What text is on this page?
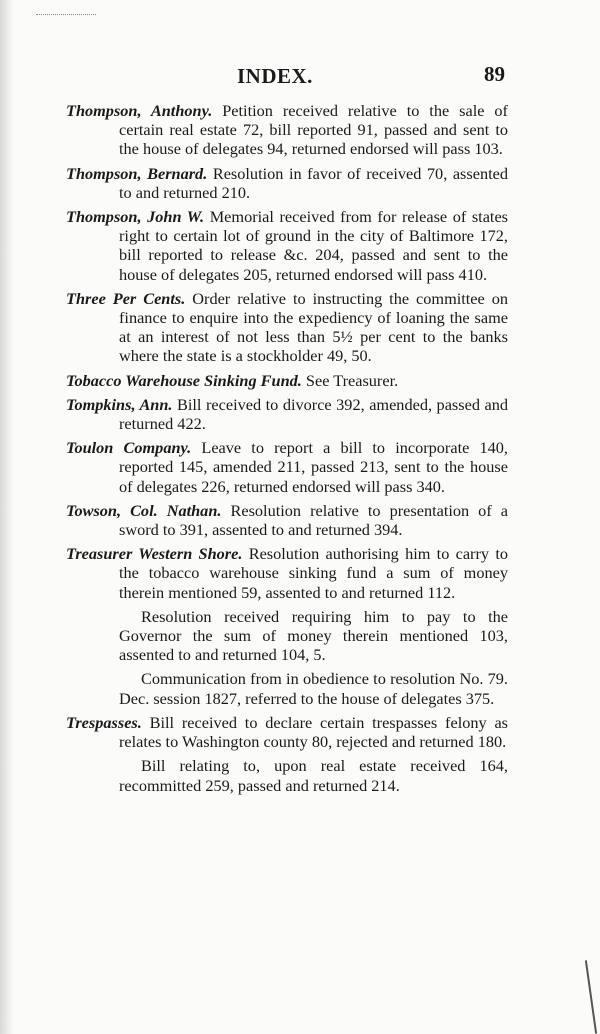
INDEX.	89

Thompson, Anthony. Petition received relative to the sale of certain real estate 72, bill reported 91, passed and sent to the house of delegates 94, returned endorsed will pass 103.

Thompson, Bernard. Resolution in favor of received 70, assented to and returned 210.

Thompson, John W. Memorial received from for release of states right to certain lot of ground in the city of Baltimore 172, bill reported to release &c. 204, passed and sent to the house of delegates 205, returned endorsed will pass 410.

Three Per Cents. Order relative to instructing the committee on finance to enquire into the expediency of loaning the same at an interest of not less than 5½ per cent to the banks where the state is a stockholder 49, 50.

Tobacco Warehouse Sinking Fund. See Treasurer.

Tompkins, Ann. Bill received to divorce 392, amended, passed and returned 422.

Toulon Company. Leave to report a bill to incorporate 140, reported 145, amended 211, passed 213, sent to the house of delegates 226, returned endorsed will pass 340.

Towson, Col. Nathan. Resolution relative to presentation of a sword to 391, assented to and returned 394.

Treasurer Western Shore. Resolution authorising him to carry to the tobacco warehouse sinking fund a sum of money therein mentioned 59, assented to and returned 112.

Resolution received requiring him to pay to the Governor the sum of money therein mentioned 103, assented to and returned 104, 5.

Communication from in obedience to resolution No. 79. Dec. session 1827, referred to the house of delegates 375.

Trespasses. Bill received to declare certain trespasses felony as relates to Washington county 80, rejected and returned 180.

Bill relating to, upon real estate received 164, recommitted 259, passed and returned 214.
